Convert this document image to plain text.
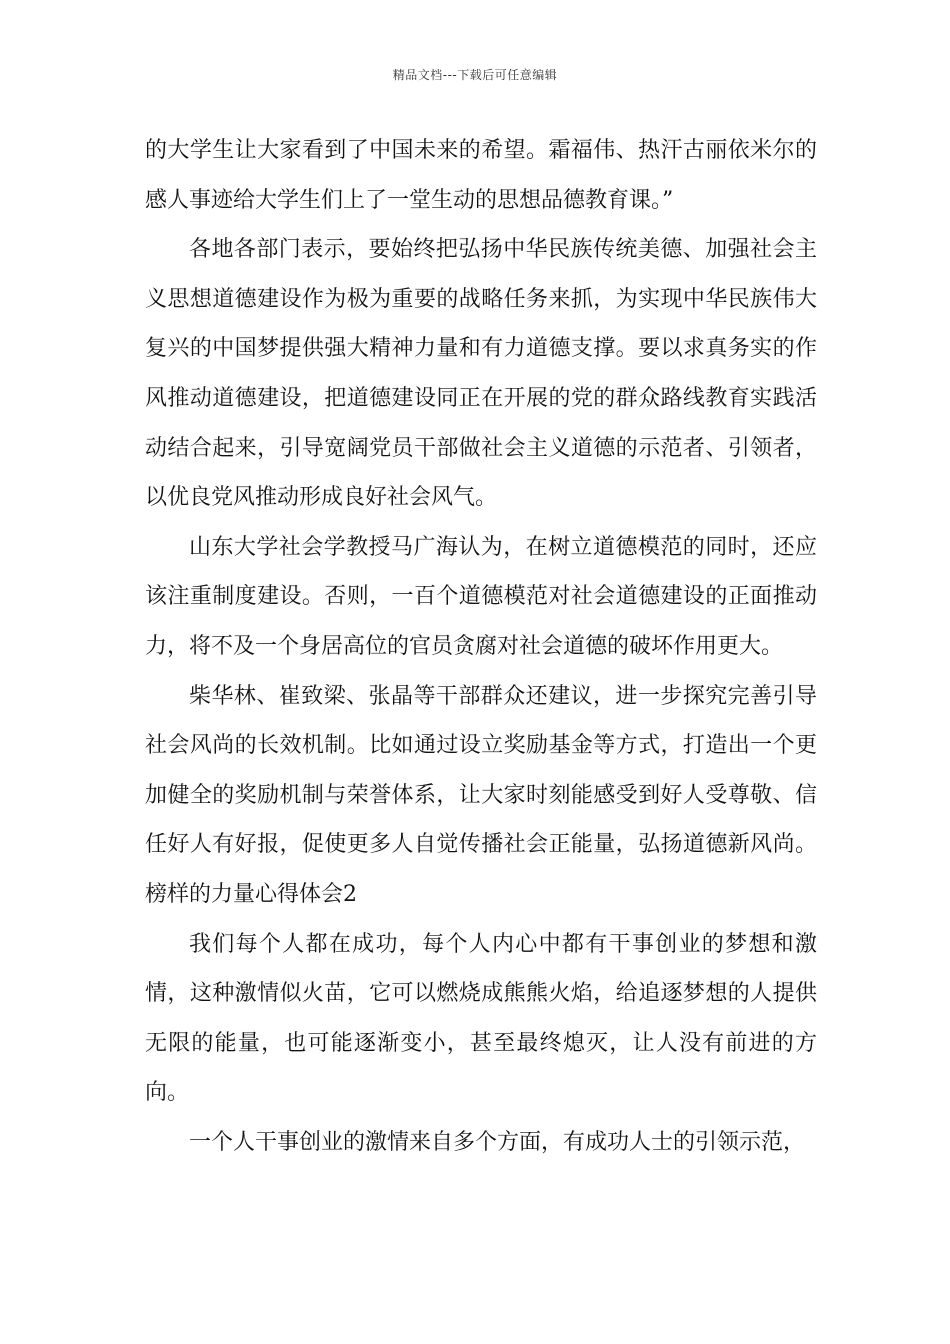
精品文档---下载后可任意编辑

的大学生让大家看到了中国未来的希望。霜福伟、热汗古丽依米尔的感人事迹给大学生们上了一堂生动的思想品德教育课。”

各地各部门表示，要始终把弘扬中华民族传统美德、加强社会主义思想道德建设作为极为重要的战略任务来抓，为实现中华民族伟大复兴的中国梦提供强大精神力量和有力道德支撑。要以求真务实的作风推动道德建设，把道德建设同正在开展的党的群众路线教育实践活动结合起来，引导宽阔党员干部做社会主义道德的示范者、引领者，以优良党风推动形成良好社会风气。

山东大学社会学教授马广海认为，在树立道德模范的同时，还应该注重制度建设。否则，一百个道德模范对社会道德建设的正面推动力，将不及一个身居高位的官员贪腐对社会道德的破坏作用更大。

柴华林、崔致梁、张晶等干部群众还建议，进一步探究完善引导社会风尚的长效机制。比如通过设立奖励基金等方式，打造出一个更加健全的奖励机制与荣誉体系，让大家时刻能感受到好人受尊敬、信任好人有好报，促使更多人自觉传播社会正能量，弘扬道德新风尚。榜样的力量心得体会2

我们每个人都在成功，每个人内心中都有干事创业的梦想和激情，这种激情似火苗，它可以燃烧成熊熊火焰，给追逐梦想的人提供无限的能量，也可能逐渐变小，甚至最终熄灭，让人没有前进的方向。

一个人干事创业的激情来自多个方面，有成功人士的引领示范，
